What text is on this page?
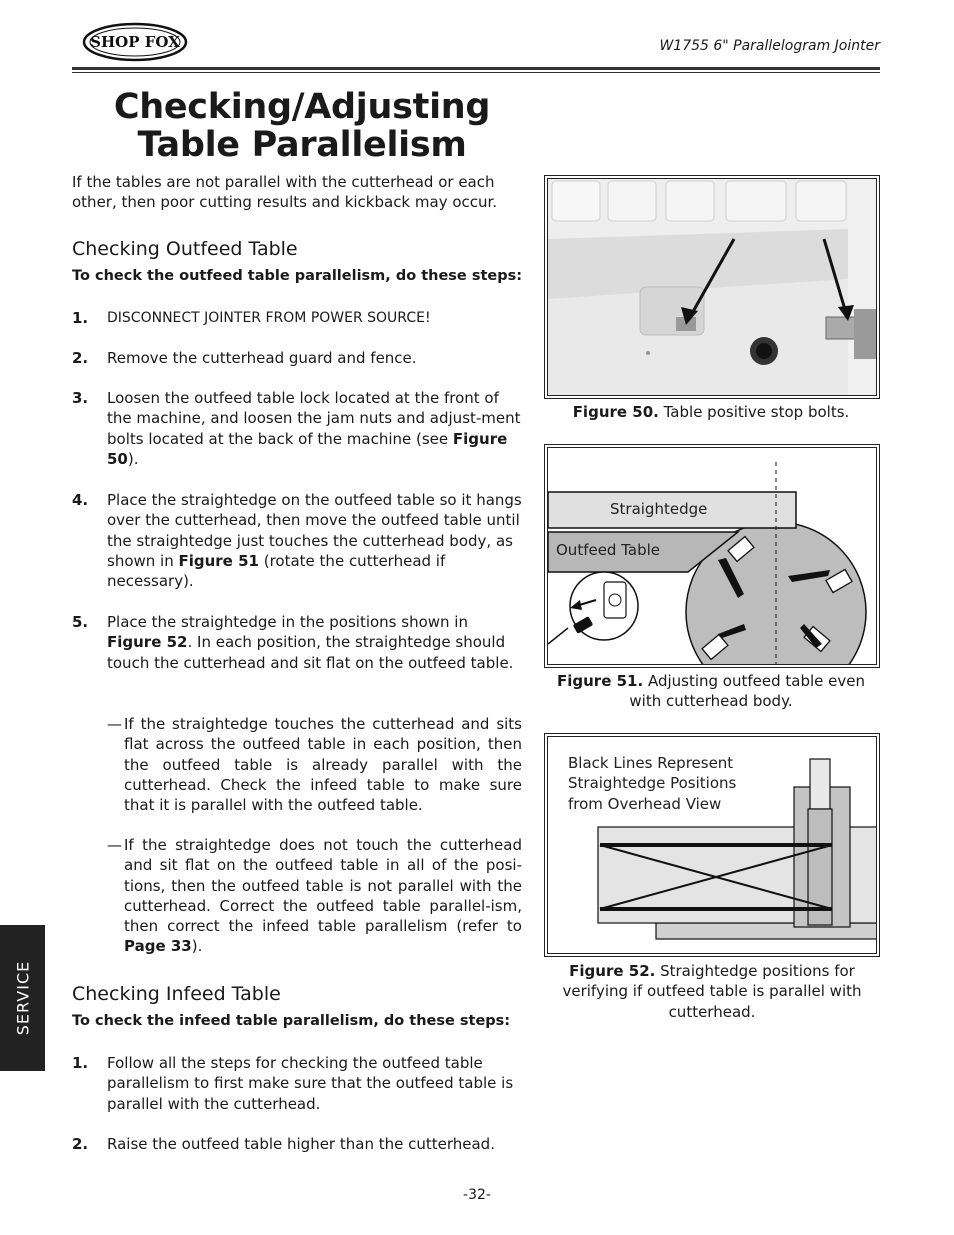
SHOP FOX	W1755 6" Parallelogram Jointer
Checking/Adjusting
Table Parallelism
If the tables are not parallel with the cutterhead or each other, then poor cutting results and kickback may occur.
Checking Outfeed Table
To check the outfeed table parallelism, do these steps:
1. DISCONNECT JOINTER FROM POWER SOURCE!
2. Remove the cutterhead guard and fence.
3. Loosen the outfeed table lock located at the front of the machine, and loosen the jam nuts and adjust-ment bolts located at the back of the machine (see Figure 50).
4. Place the straightedge on the outfeed table so it hangs over the cutterhead, then move the outfeed table until the straightedge just touches the cutterhead body, as shown in Figure 51 (rotate the cutterhead if necessary).
5. Place the straightedge in the positions shown in Figure 52. In each position, the straightedge should touch the cutterhead and sit flat on the outfeed table.
— If the straightedge touches the cutterhead and sits flat across the outfeed table in each position, then the outfeed table is already parallel with the cutterhead. Check the infeed table to make sure that it is parallel with the outfeed table.
— If the straightedge does not touch the cutterhead and sit flat on the outfeed table in all of the posi-tions, then the outfeed table is not parallel with the cutterhead. Correct the outfeed table parallel-ism, then correct the infeed table parallelism (refer to Page 33).
Checking Infeed Table
To check the infeed table parallelism, do these steps:
1. Follow all the steps for checking the outfeed table parallelism to first make sure that the outfeed table is parallel with the cutterhead.
2. Raise the outfeed table higher than the cutterhead.
Figure 50. Table positive stop bolts.
Straightedge
Outfeed Table
Figure 51. Adjusting outfeed table even with cutterhead body.
Black Lines Represent
Straightedge Positions
from Overhead View
Figure 52. Straightedge positions for verifying if outfeed table is parallel with cutterhead.
SERVICE
-32-
